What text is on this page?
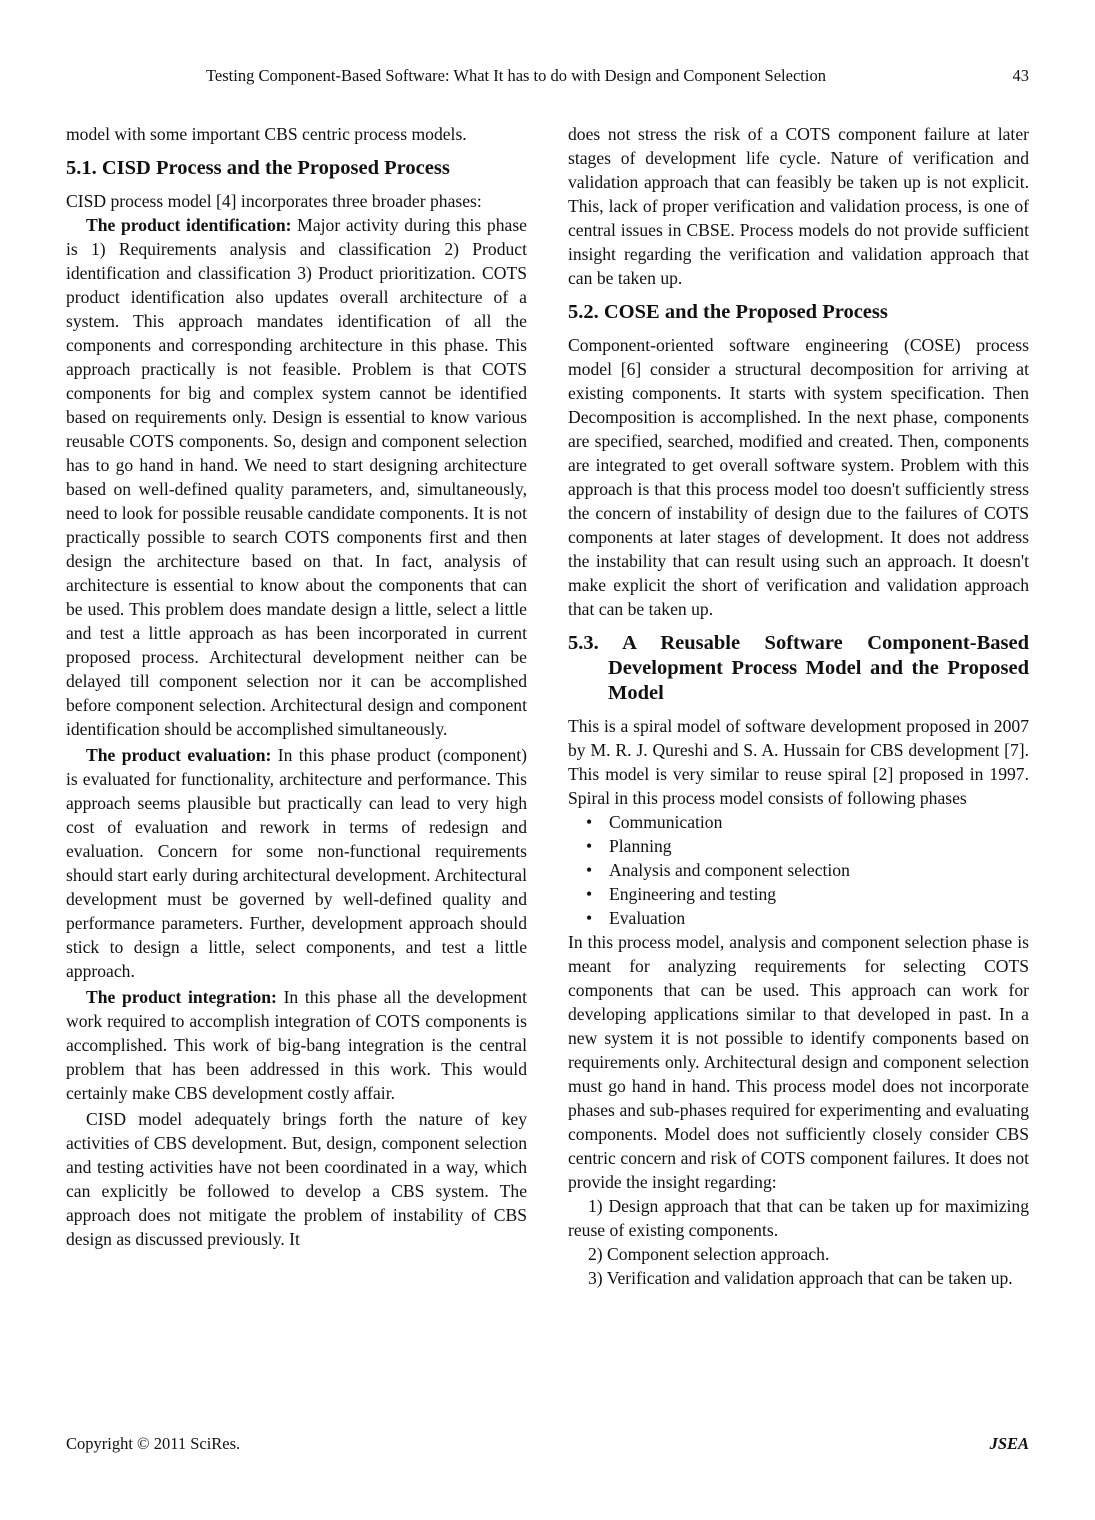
Testing Component-Based Software: What It has to do with Design and Component Selection	43

model with some important CBS centric process models.

5.1. CISD Process and the Proposed Process

CISD process model [4] incorporates three broader phases:

The product identification: Major activity during this phase is 1) Requirements analysis and classification 2) Product identification and classification 3) Product prioritization. COTS product identification also updates overall architecture of a system. This approach mandates identification of all the components and corresponding architecture in this phase. This approach practically is not feasible. Problem is that COTS components for big and complex system cannot be identified based on requirements only. Design is essential to know various reusable COTS components. So, design and component selection has to go hand in hand. We need to start designing architecture based on well-defined quality parameters, and, simultaneously, need to look for possible reusable candidate components. It is not practically possible to search COTS components first and then design the architecture based on that. In fact, analysis of architecture is essential to know about the components that can be used. This problem does mandate design a little, select a little and test a little approach as has been incorporated in current proposed process. Architectural development neither can be delayed till component selection nor it can be accomplished before component selection. Architectural design and component identification should be accomplished simultaneously.

The product evaluation: In this phase product (component) is evaluated for functionality, architecture and performance. This approach seems plausible but practically can lead to very high cost of evaluation and rework in terms of redesign and evaluation. Concern for some non-functional requirements should start early during architectural development. Architectural development must be governed by well-defined quality and performance parameters. Further, development approach should stick to design a little, select components, and test a little approach.

The product integration: In this phase all the development work required to accomplish integration of COTS components is accomplished. This work of big-bang integration is the central problem that has been addressed in this work. This would certainly make CBS development costly affair.

CISD model adequately brings forth the nature of key activities of CBS development. But, design, component selection and testing activities have not been coordinated in a way, which can explicitly be followed to develop a CBS system. The approach does not mitigate the problem of instability of CBS design as discussed previously. It

does not stress the risk of a COTS component failure at later stages of development life cycle. Nature of verification and validation approach that can feasibly be taken up is not explicit. This, lack of proper verification and validation process, is one of central issues in CBSE. Process models do not provide sufficient insight regarding the verification and validation approach that can be taken up.

5.2. COSE and the Proposed Process

Component-oriented software engineering (COSE) process model [6] consider a structural decomposition for arriving at existing components. It starts with system specification. Then Decomposition is accomplished. In the next phase, components are specified, searched, modified and created. Then, components are integrated to get overall software system. Problem with this approach is that this process model too doesn't sufficiently stress the concern of instability of design due to the failures of COTS components at later stages of development. It does not address the instability that can result using such an approach. It doesn't make explicit the short of verification and validation approach that can be taken up.

5.3. A Reusable Software Component-Based Development Process Model and the Proposed Model

This is a spiral model of software development proposed in 2007 by M. R. J. Qureshi and S. A. Hussain for CBS development [7]. This model is very similar to reuse spiral [2] proposed in 1997. Spiral in this process model consists of following phases

• Communication
• Planning
• Analysis and component selection
• Engineering and testing
• Evaluation

In this process model, analysis and component selection phase is meant for analyzing requirements for selecting COTS components that can be used. This approach can work for developing applications similar to that developed in past. In a new system it is not possible to identify components based on requirements only. Architectural design and component selection must go hand in hand. This process model does not incorporate phases and sub-phases required for experimenting and evaluating components. Model does not sufficiently closely consider CBS centric concern and risk of COTS component failures. It does not provide the insight regarding:

1) Design approach that that can be taken up for maximizing reuse of existing components.

2) Component selection approach.

3) Verification and validation approach that can be taken up.

Copyright © 2011 SciRes.	JSEA
